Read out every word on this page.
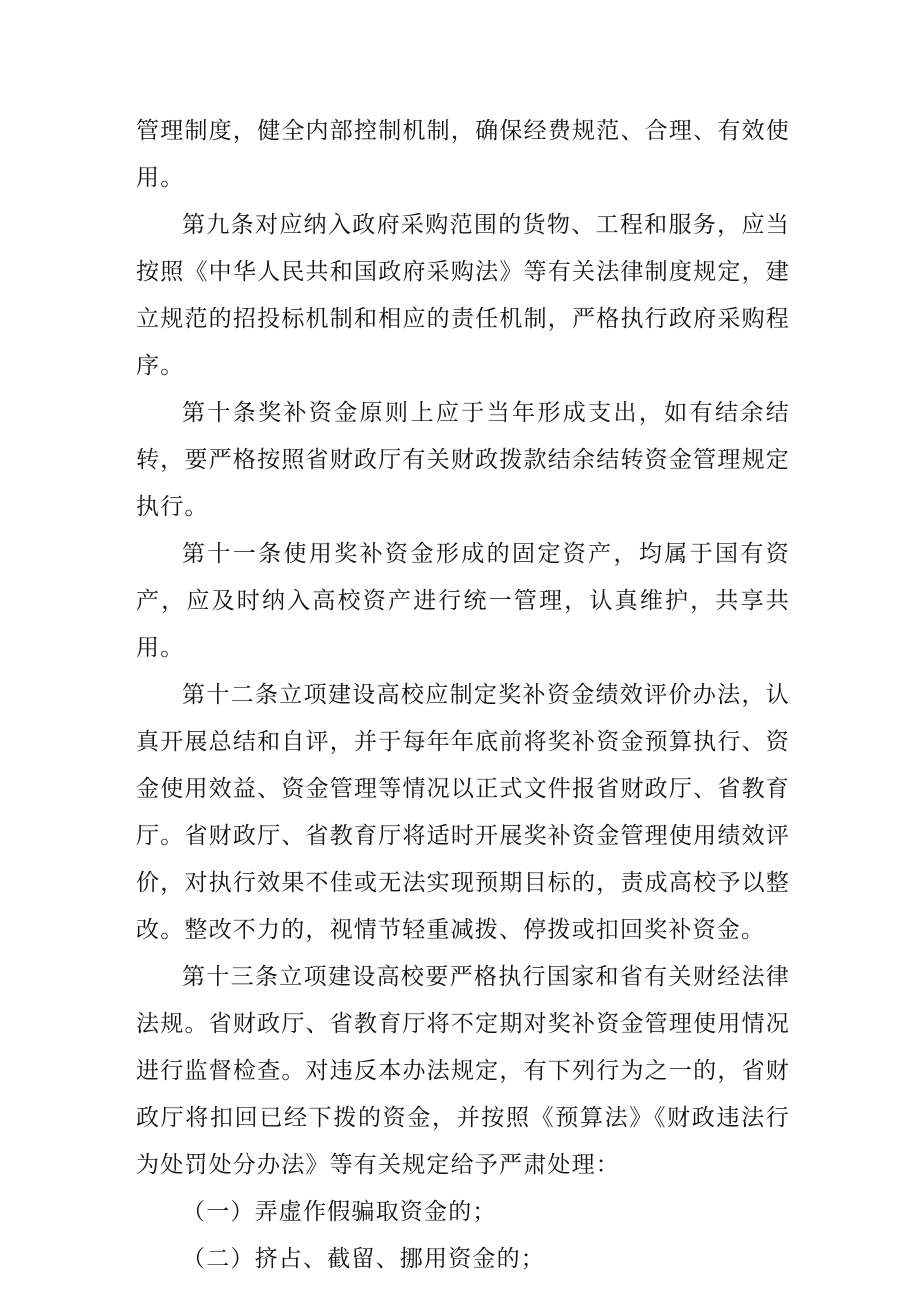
管理制度，健全内部控制机制，确保经费规范、合理、有效使用。

第九条对应纳入政府采购范围的货物、工程和服务，应当按照《中华人民共和国政府采购法》等有关法律制度规定，建立规范的招投标机制和相应的责任机制，严格执行政府采购程序。

第十条奖补资金原则上应于当年形成支出，如有结余结转，要严格按照省财政厅有关财政拨款结余结转资金管理规定执行。

第十一条使用奖补资金形成的固定资产，均属于国有资产，应及时纳入高校资产进行统一管理，认真维护，共享共用。

第十二条立项建设高校应制定奖补资金绩效评价办法，认真开展总结和自评，并于每年年底前将奖补资金预算执行、资金使用效益、资金管理等情况以正式文件报省财政厅、省教育厅。省财政厅、省教育厅将适时开展奖补资金管理使用绩效评价，对执行效果不佳或无法实现预期目标的，责成高校予以整改。整改不力的，视情节轻重减拨、停拨或扣回奖补资金。

第十三条立项建设高校要严格执行国家和省有关财经法律法规。省财政厅、省教育厅将不定期对奖补资金管理使用情况进行监督检查。对违反本办法规定，有下列行为之一的，省财政厅将扣回已经下拨的资金，并按照《预算法》《财政违法行为处罚处分办法》等有关规定给予严肃处理：

（一）弄虚作假骗取资金的；

（二）挤占、截留、挪用资金的；
